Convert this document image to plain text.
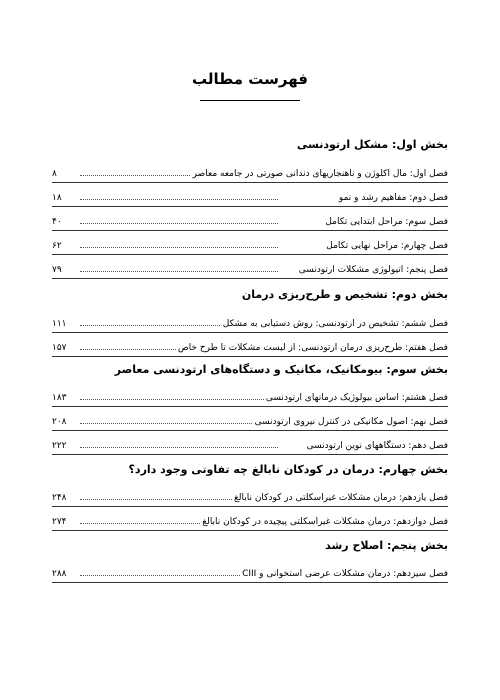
فهرست مطالب
بخش اول: مشکل ارتودنسی
فصل اول: مال اکلوژن و ناهنجاریهای دندانی صورتی در جامعه معاصر
۸
فصل دوم: مفاهیم رشد و نمو
۱۸
فصل سوم: مراحل ابتدایی تکامل
۴۰
فصل چهارم: مراحل نهایی تکامل
۶۲
فصل پنجم: اتیولوژی مشکلات ارتودنسی
۷۹
بخش دوم: تشخیص و طرح‌ریزی درمان
فصل ششم: تشخیص در ارتودنسی: روش دستیابی به مشکل
۱۱۱
فصل هفتم: طرح‌ریزی درمان ارتودنسی: از لیست مشکلات تا طرح خاص
۱۵۷
بخش سوم: بیومکانیک، مکانیک و دستگاه‌های ارتودنسی معاصر
فصل هشتم: اساس بیولوژیک درمانهای ارتودنسی
۱۸۳
فصل نهم: اصول مکانیکی در کنترل نیروی ارتودنسی
۲۰۸
فصل دهم: دستگاههای نوین ارتودنسی
۲۲۲
بخش چهارم: درمان در کودکان نابالغ چه تفاوتی وجود دارد؟
فصل یازدهم: درمان مشکلات غیراسکلتی در کودکان نابالغ
۲۴۸
فصل دوازدهم: درمان مشکلات غیراسکلتی پیچیده در کودکان نابالغ
۲۷۴
بخش پنجم: اصلاح رشد
فصل سیزدهم: درمان مشکلات عرضی استخوانی و CIII
۲۸۸
